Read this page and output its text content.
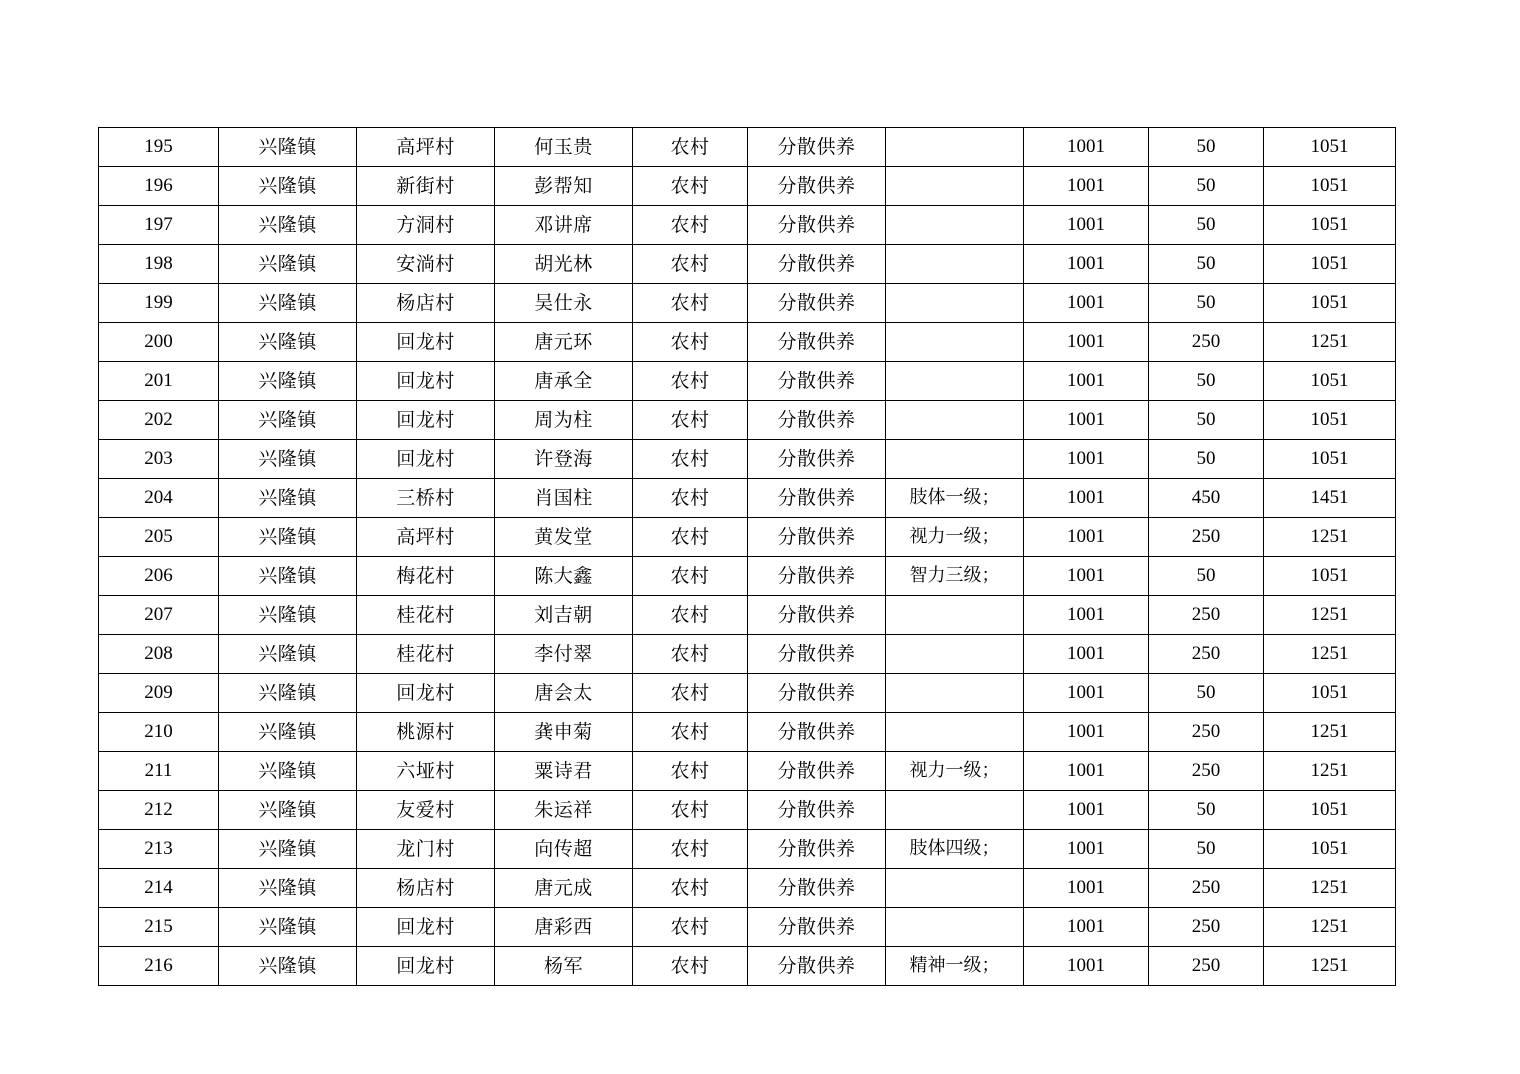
195	兴隆镇	高坪村	何玉贵	农村	分散供养		1001	50	1051
196	兴隆镇	新街村	彭帮知	农村	分散供养		1001	50	1051
197	兴隆镇	方洞村	邓讲席	农村	分散供养		1001	50	1051
198	兴隆镇	安淌村	胡光林	农村	分散供养		1001	50	1051
199	兴隆镇	杨店村	吴仕永	农村	分散供养		1001	50	1051
200	兴隆镇	回龙村	唐元环	农村	分散供养		1001	250	1251
201	兴隆镇	回龙村	唐承全	农村	分散供养		1001	50	1051
202	兴隆镇	回龙村	周为柱	农村	分散供养		1001	50	1051
203	兴隆镇	回龙村	许登海	农村	分散供养		1001	50	1051
204	兴隆镇	三桥村	肖国柱	农村	分散供养	肢体一级；	1001	450	1451
205	兴隆镇	高坪村	黄发堂	农村	分散供养	视力一级；	1001	250	1251
206	兴隆镇	梅花村	陈大鑫	农村	分散供养	智力三级；	1001	50	1051
207	兴隆镇	桂花村	刘吉朝	农村	分散供养		1001	250	1251
208	兴隆镇	桂花村	李付翠	农村	分散供养		1001	250	1251
209	兴隆镇	回龙村	唐会太	农村	分散供养		1001	50	1051
210	兴隆镇	桃源村	龚申菊	农村	分散供养		1001	250	1251
211	兴隆镇	六垭村	粟诗君	农村	分散供养	视力一级；	1001	250	1251
212	兴隆镇	友爱村	朱运祥	农村	分散供养		1001	50	1051
213	兴隆镇	龙门村	向传超	农村	分散供养	肢体四级；	1001	50	1051
214	兴隆镇	杨店村	唐元成	农村	分散供养		1001	250	1251
215	兴隆镇	回龙村	唐彩西	农村	分散供养		1001	250	1251
216	兴隆镇	回龙村	杨军	农村	分散供养	精神一级；	1001	250	1251
